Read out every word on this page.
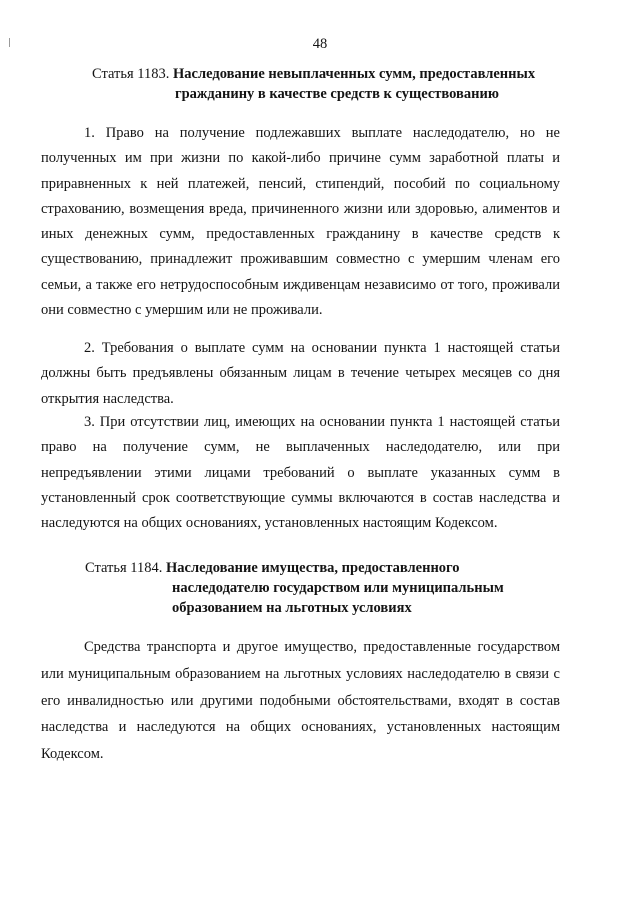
48
Статья 1183. Наследование невыплаченных сумм, предоставленных
гражданину в качестве средств к существованию

1. Право на получение подлежавших выплате наследодателю, но не полученных им при жизни по какой-либо причине сумм заработной платы и приравненных к ней платежей, пенсий, стипендий, пособий по социальному страхованию, возмещения вреда, причиненного жизни или здоровью, алиментов и иных денежных сумм, предоставленных гражданину в качестве средств к существованию, принадлежит проживавшим совместно с умершим членам его семьи, а также его нетрудоспособным иждивенцам независимо от того, проживали они совместно с умершим или не проживали.

2. Требования о выплате сумм на основании пункта 1 настоящей статьи должны быть предъявлены обязанным лицам в течение четырех месяцев со дня открытия наследства.

3. При отсутствии лиц, имеющих на основании пункта 1 настоящей статьи право на получение сумм, не выплаченных наследодателю, или при непредъявлении этими лицами требований о выплате указанных сумм в установленный срок соответствующие суммы включаются в состав наследства и наследуются на общих основаниях, установленных настоящим Кодексом.

Статья 1184. Наследование имущества, предоставленного
наследодателю государством или муниципальным
образованием на льготных условиях

Средства транспорта и другое имущество, предоставленные государством или муниципальным образованием на льготных условиях наследодателю в связи с его инвалидностью или другими подобными обстоятельствами, входят в состав наследства и наследуются на общих основаниях, установленных настоящим Кодексом.
